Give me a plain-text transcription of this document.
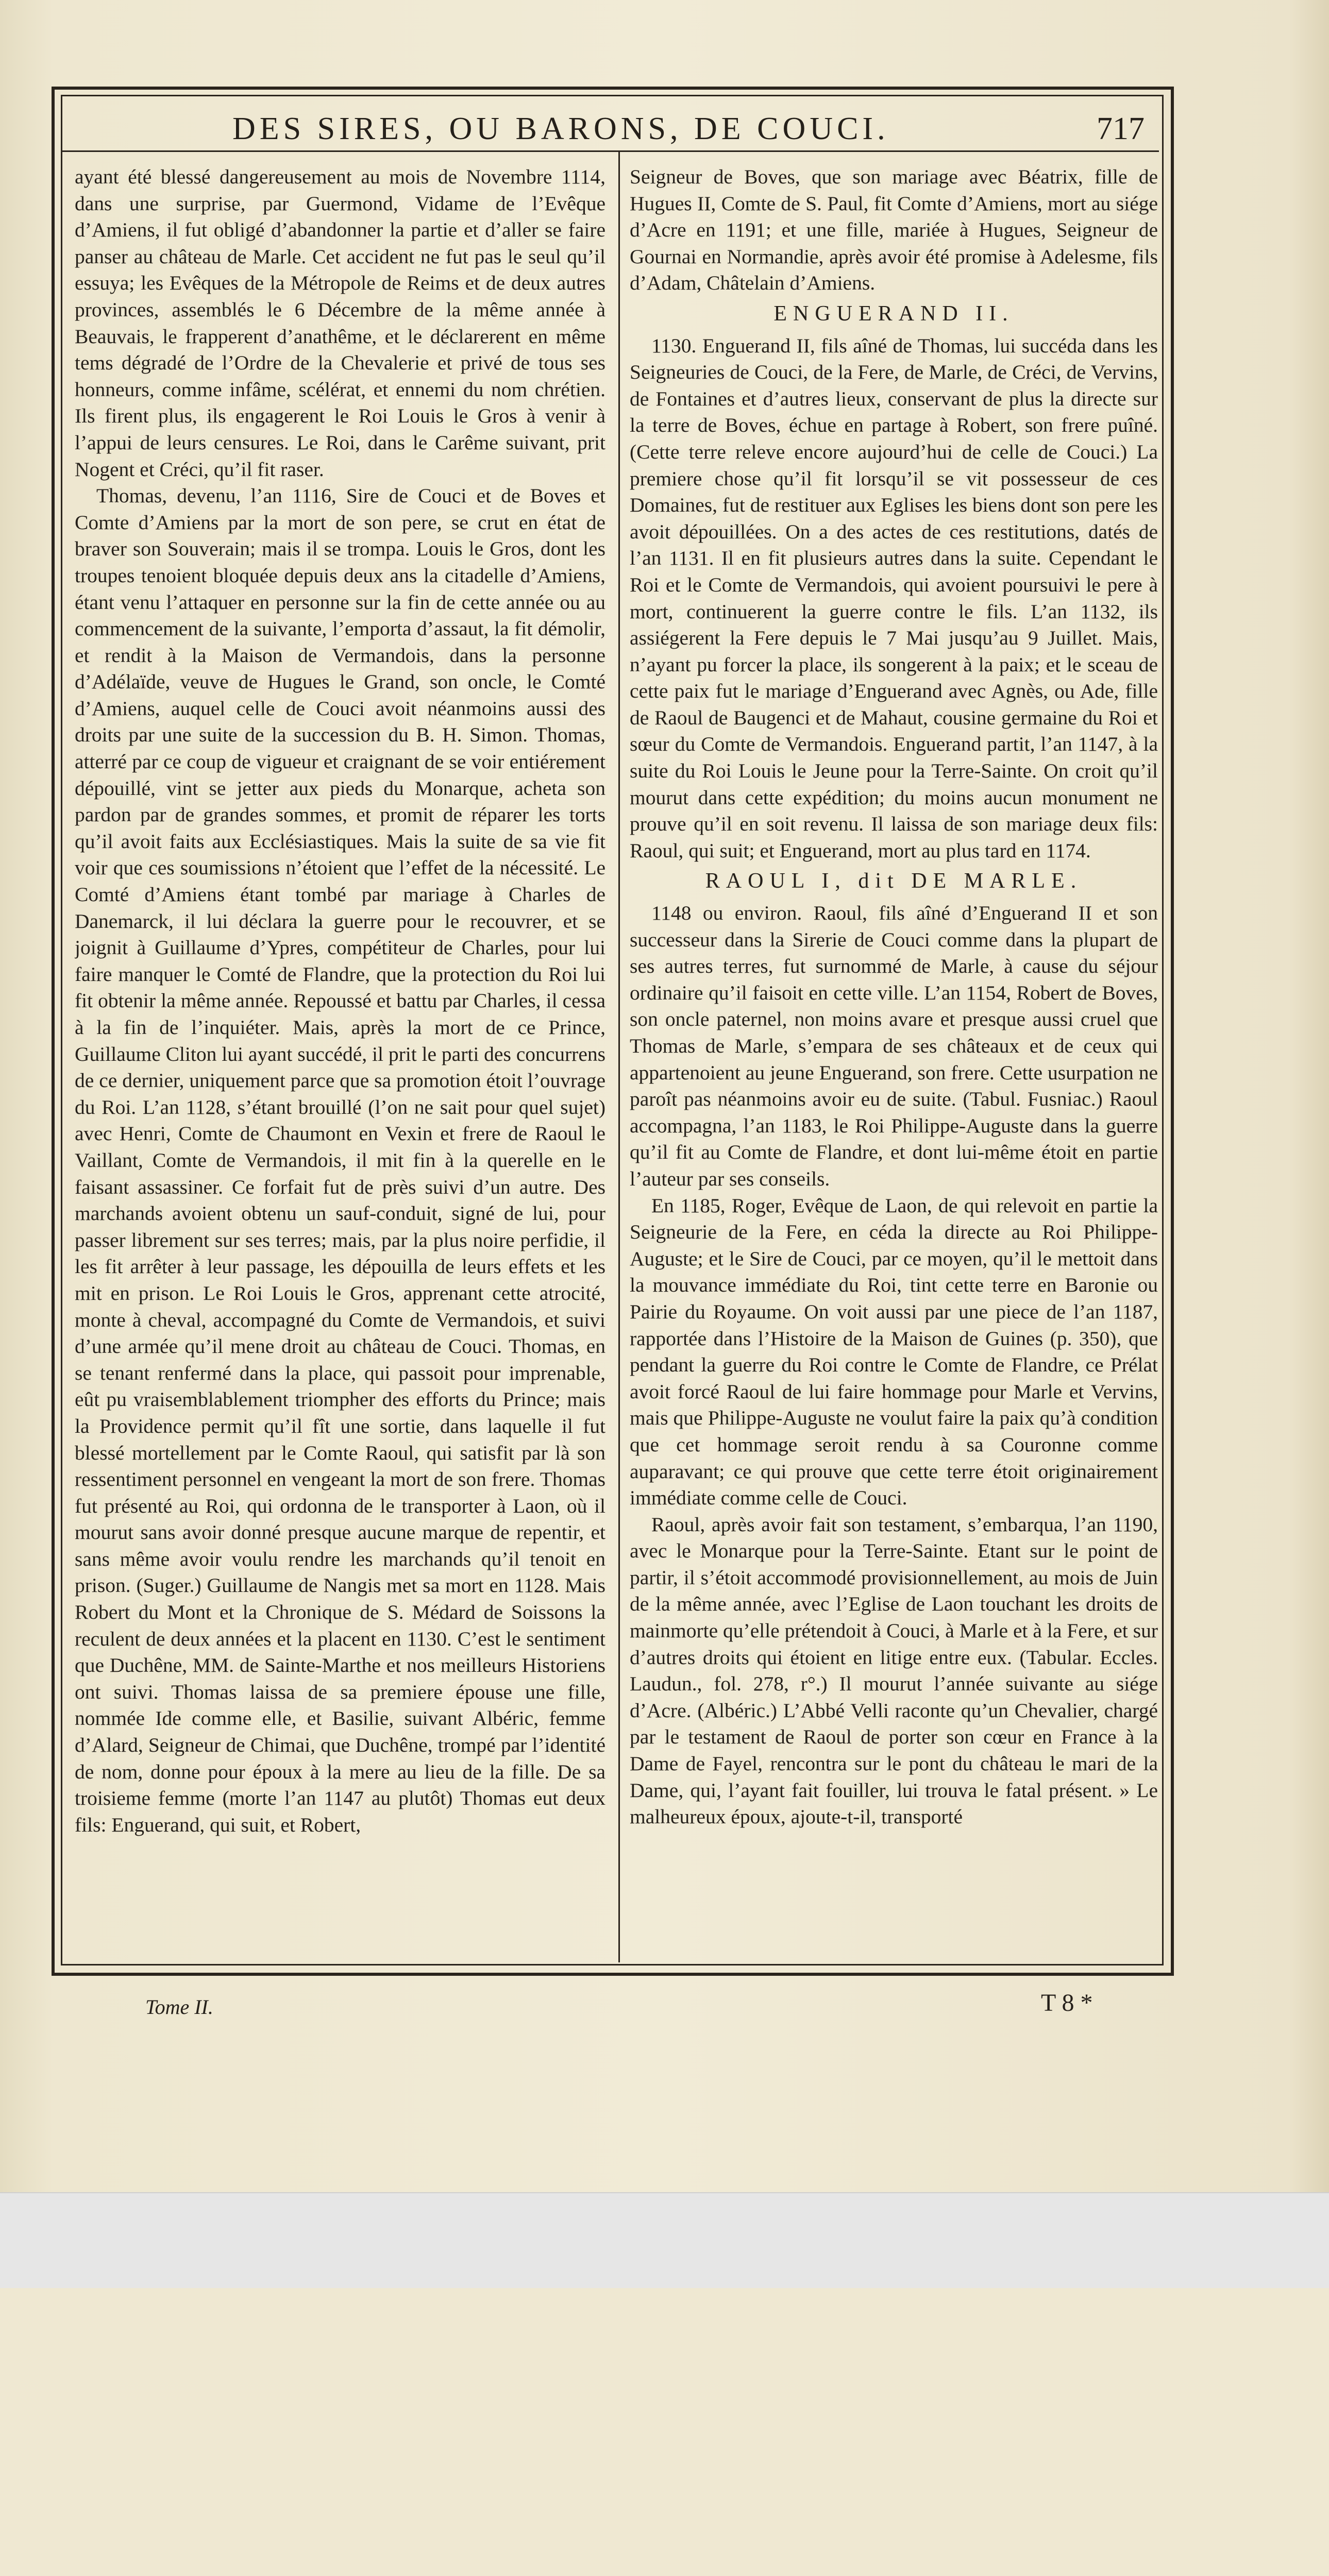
DES SIRES, OU BARONS, DE COUCI.	717

ayant été blessé dangereusement au mois de Novembre 1114, dans une surprise, par Guermond, Vidame de l’Evêque d’Amiens, il fut obligé d’abandonner la partie et d’aller se faire panser au château de Marle. Cet accident ne fut pas le seul qu’il essuya; les Evêques de la Métropole de Reims et de deux autres provinces, assemblés le 6 Décembre de la même année à Beauvais, le frapperent d’anathême, et le déclarerent en même tems dégradé de l’Ordre de la Chevalerie et privé de tous ses honneurs, comme infâme, scélérat, et ennemi du nom chrétien. Ils firent plus, ils engagerent le Roi Louis le Gros à venir à l’appui de leurs censures. Le Roi, dans le Carême suivant, prit Nogent et Créci, qu’il fit raser.

Thomas, devenu, l’an 1116, Sire de Couci et de Boves et Comte d’Amiens par la mort de son pere, se crut en état de braver son Souverain; mais il se trompa. Louis le Gros, dont les troupes tenoient bloquée depuis deux ans la citadelle d’Amiens, étant venu l’attaquer en personne sur la fin de cette année ou au commencement de la suivante, l’emporta d’assaut, la fit démolir, et rendit à la Maison de Vermandois, dans la personne d’Adélaïde, veuve de Hugues le Grand, son oncle, le Comté d’Amiens, auquel celle de Couci avoit néanmoins aussi des droits par une suite de la succession du B. H. Simon. Thomas, atterré par ce coup de vigueur et craignant de se voir entiérement dépouillé, vint se jetter aux pieds du Monarque, acheta son pardon par de grandes sommes, et promit de réparer les torts qu’il avoit faits aux Ecclésiastiques. Mais la suite de sa vie fit voir que ces soumissions n’étoient que l’effet de la nécessité. Le Comté d’Amiens étant tombé par mariage à Charles de Danemarck, il lui déclara la guerre pour le recouvrer, et se joignit à Guillaume d’Ypres, compétiteur de Charles, pour lui faire manquer le Comté de Flandre, que la protection du Roi lui fit obtenir la même année. Repoussé et battu par Charles, il cessa à la fin de l’inquiéter. Mais, après la mort de ce Prince, Guillaume Cliton lui ayant succédé, il prit le parti des concurrens de ce dernier, uniquement parce que sa promotion étoit l’ouvrage du Roi. L’an 1128, s’étant brouillé (l’on ne sait pour quel sujet) avec Henri, Comte de Chaumont en Vexin et frere de Raoul le Vaillant, Comte de Vermandois, il mit fin à la querelle en le faisant assassiner. Ce forfait fut de près suivi d’un autre. Des marchands avoient obtenu un sauf-conduit, signé de lui, pour passer librement sur ses terres; mais, par la plus noire perfidie, il les fit arrêter à leur passage, les dépouilla de leurs effets et les mit en prison. Le Roi Louis le Gros, apprenant cette atrocité, monte à cheval, accompagné du Comte de Vermandois, et suivi d’une armée qu’il mene droit au château de Couci. Thomas, en se tenant renfermé dans la place, qui passoit pour imprenable, eût pu vraisemblablement triompher des efforts du Prince; mais la Providence permit qu’il fît une sortie, dans laquelle il fut blessé mortellement par le Comte Raoul, qui satisfit par là son ressentiment personnel en vengeant la mort de son frere. Thomas fut présenté au Roi, qui ordonna de le transporter à Laon, où il mourut sans avoir donné presque aucune marque de repentir, et sans même avoir voulu rendre les marchands qu’il tenoit en prison. (Suger.) Guillaume de Nangis met sa mort en 1128. Mais Robert du Mont et la Chronique de S. Médard de Soissons la reculent de deux années et la placent en 1130. C’est le sentiment que Duchêne, MM. de Sainte-Marthe et nos meilleurs Historiens ont suivi. Thomas laissa de sa premiere épouse une fille, nommée Ide comme elle, et Basilie, suivant Albéric, femme d’Alard, Seigneur de Chimai, que Duchêne, trompé par l’identité de nom, donne pour époux à la mere au lieu de la fille. De sa troisieme femme (morte l’an 1147 au plutôt) Thomas eut deux fils: Enguerand, qui suit, et Robert,

Seigneur de Boves, que son mariage avec Béatrix, fille de Hugues II, Comte de S. Paul, fit Comte d’Amiens, mort au siége d’Acre en 1191; et une fille, mariée à Hugues, Seigneur de Gournai en Normandie, après avoir été promise à Adelesme, fils d’Adam, Châtelain d’Amiens.

ENGUERAND II.

1130. Enguerand II, fils aîné de Thomas, lui succéda dans les Seigneuries de Couci, de la Fere, de Marle, de Créci, de Vervins, de Fontaines et d’autres lieux, conservant de plus la directe sur la terre de Boves, échue en partage à Robert, son frere puîné. (Cette terre releve encore aujourd’hui de celle de Couci.) La premiere chose qu’il fit lorsqu’il se vit possesseur de ces Domaines, fut de restituer aux Eglises les biens dont son pere les avoit dépouillées. On a des actes de ces restitutions, datés de l’an 1131. Il en fit plusieurs autres dans la suite. Cependant le Roi et le Comte de Vermandois, qui avoient poursuivi le pere à mort, continuerent la guerre contre le fils. L’an 1132, ils assiégerent la Fere depuis le 7 Mai jusqu’au 9 Juillet. Mais, n’ayant pu forcer la place, ils songerent à la paix; et le sceau de cette paix fut le mariage d’Enguerand avec Agnès, ou Ade, fille de Raoul de Baugenci et de Mahaut, cousine germaine du Roi et sœur du Comte de Vermandois. Enguerand partit, l’an 1147, à la suite du Roi Louis le Jeune pour la Terre-Sainte. On croit qu’il mourut dans cette expédition; du moins aucun monument ne prouve qu’il en soit revenu. Il laissa de son mariage deux fils: Raoul, qui suit; et Enguerand, mort au plus tard en 1174.

RAOUL I, dit DE MARLE.

1148 ou environ. Raoul, fils aîné d’Enguerand II et son successeur dans la Sirerie de Couci comme dans la plupart de ses autres terres, fut surnommé de Marle, à cause du séjour ordinaire qu’il faisoit en cette ville. L’an 1154, Robert de Boves, son oncle paternel, non moins avare et presque aussi cruel que Thomas de Marle, s’empara de ses châteaux et de ceux qui appartenoient au jeune Enguerand, son frere. Cette usurpation ne paroît pas néanmoins avoir eu de suite. (Tabul. Fusniac.) Raoul accompagna, l’an 1183, le Roi Philippe-Auguste dans la guerre qu’il fit au Comte de Flandre, et dont lui-même étoit en partie l’auteur par ses conseils.

En 1185, Roger, Evêque de Laon, de qui relevoit en partie la Seigneurie de la Fere, en céda la directe au Roi Philippe-Auguste; et le Sire de Couci, par ce moyen, qu’il le mettoit dans la mouvance immédiate du Roi, tint cette terre en Baronie ou Pairie du Royaume. On voit aussi par une piece de l’an 1187, rapportée dans l’Histoire de la Maison de Guines (p. 350), que pendant la guerre du Roi contre le Comte de Flandre, ce Prélat avoit forcé Raoul de lui faire hommage pour Marle et Vervins, mais que Philippe-Auguste ne voulut faire la paix qu’à condition que cet hommage seroit rendu à sa Couronne comme auparavant; ce qui prouve que cette terre étoit originairement immédiate comme celle de Couci.

Raoul, après avoir fait son testament, s’embarqua, l’an 1190, avec le Monarque pour la Terre-Sainte. Etant sur le point de partir, il s’étoit accommodé provisionnellement, au mois de Juin de la même année, avec l’Eglise de Laon touchant les droits de mainmorte qu’elle prétendoit à Couci, à Marle et à la Fere, et sur d’autres droits qui étoient en litige entre eux. (Tabular. Eccles. Laudun., fol. 278, r°.) Il mourut l’année suivante au siége d’Acre. (Albéric.) L’Abbé Velli raconte qu’un Chevalier, chargé par le testament de Raoul de porter son cœur en France à la Dame de Fayel, rencontra sur le pont du château le mari de la Dame, qui, l’ayant fait fouiller, lui trouva le fatal présent. » Le malheureux époux, ajoute-t-il, transporté

Tome II.	T 8 *
